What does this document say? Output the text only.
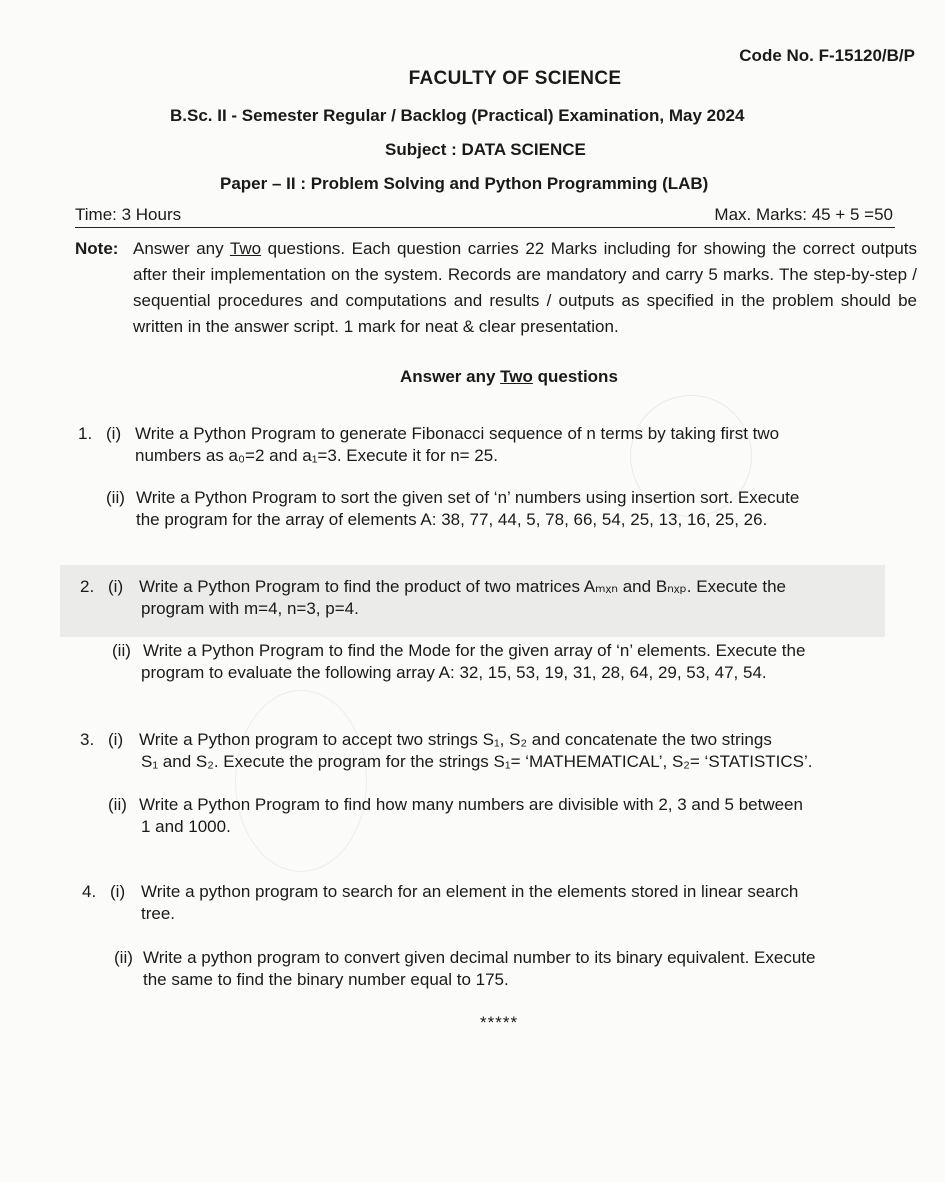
Code No. F-15120/B/P
FACULTY OF SCIENCE
B.Sc. II - Semester Regular / Backlog (Practical) Examination, May 2024
Subject : DATA SCIENCE
Paper – II : Problem Solving and Python Programming (LAB)
Time: 3 Hours	Max. Marks: 45 + 5 =50
Note: Answer any Two questions. Each question carries 22 Marks including for showing the correct outputs after their implementation on the system. Records are mandatory and carry 5 marks. The step-by-step / sequential procedures and computations and results / outputs as specified in the problem should be written in the answer script. 1 mark for neat & clear presentation.
Answer any Two questions
1. (i) Write a Python Program to generate Fibonacci sequence of n terms by taking first two
numbers as a₀=2 and a₁=3. Execute it for n= 25.
(ii) Write a Python Program to sort the given set of ‘n’ numbers using insertion sort. Execute
the program for the array of elements A: 38, 77, 44, 5, 78, 66, 54, 25, 13, 16, 25, 26.
2. (i) Write a Python Program to find the product of two matrices Aₘₓₙ and Bₙₓₚ. Execute the
program with m=4, n=3, p=4.
(ii) Write a Python Program to find the Mode for the given array of ‘n’ elements. Execute the
program to evaluate the following array A: 32, 15, 53, 19, 31, 28, 64, 29, 53, 47, 54.
3. (i) Write a Python program to accept two strings S₁, S₂ and concatenate the two strings
S₁ and S₂. Execute the program for the strings S₁= ‘MATHEMATICAL’, S₂= ‘STATISTICS’.
(ii) Write a Python Program to find how many numbers are divisible with 2, 3 and 5 between
1 and 1000.
4. (i) Write a python program to search for an element in the elements stored in linear search
tree.
(ii) Write a python program to convert given decimal number to its binary equivalent. Execute
the same to find the binary number equal to 175.
*****
